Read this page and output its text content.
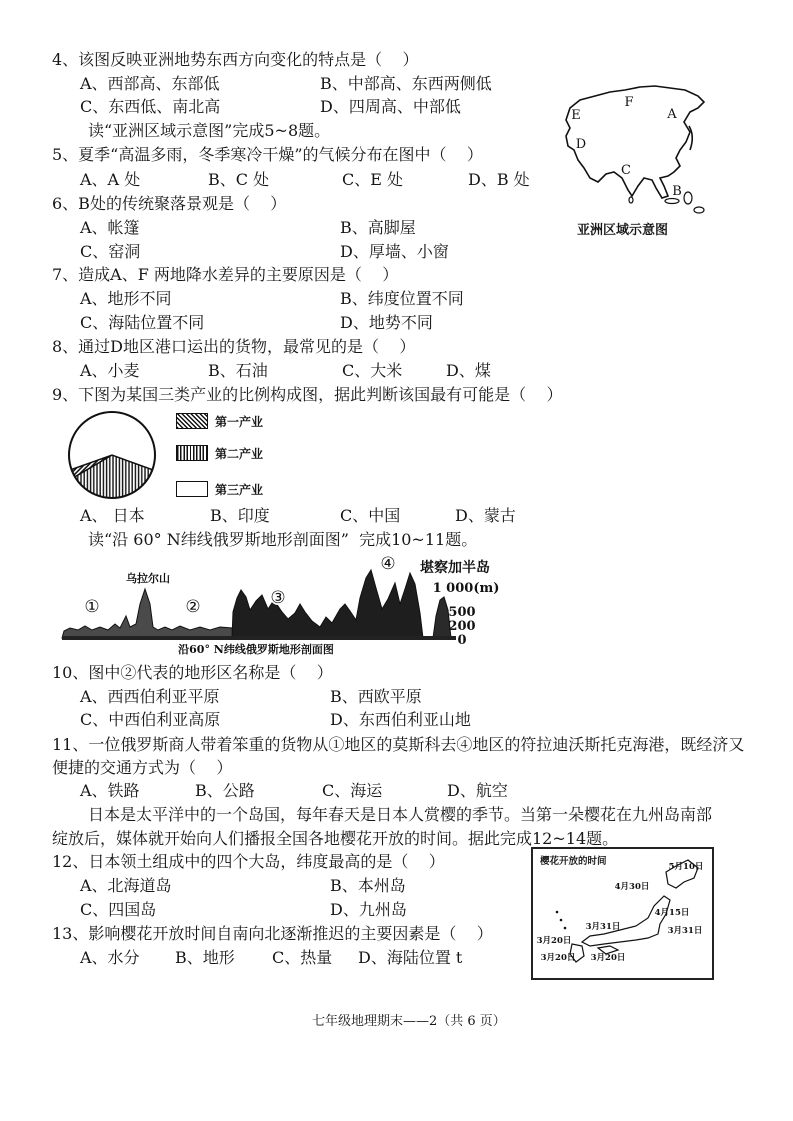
4、该图反映亚洲地势东西方向变化的特点是（    ）
A、西部高、东部低	B、中部高、东西两侧低
C、东西低、南北高	D、四周高、中部低
读“亚洲区域示意图”完成5~8题。
5、夏季“高温多雨，冬季寒冷干燥”的气候分布在图中（    ）
A、A 处	B、C 处	C、E 处	D、B 处
6、B处的传统聚落景观是（    ）
A、帐篷	B、高脚屋
C、窑洞	D、厚墙、小窗
7、造成A、F 两地降水差异的主要原因是（    ）
A、地形不同	B、纬度位置不同
C、海陆位置不同	D、地势不同
8、通过D地区港口运出的货物，最常见的是（    ）
A、小麦	B、石油	C、大米	D、煤
9、下图为某国三类产业的比例构成图，据此判断该国最有可能是（    ）
第一产业
第二产业
第三产业
A、 日本	B、印度	C、中国	D、蒙古
读“沿 60° N纬线俄罗斯地形剖面图”  完成10~11题。
乌拉尔山
①	②	③
④ 堪察加半岛
1 000(m)
500
200
0
沿60° N纬线俄罗斯地形剖面图
10、图中②代表的地形区名称是（    ）
A、西西伯利亚平原	B、西欧平原
C、中西伯利亚高原	D、东西伯利亚山地
11、一位俄罗斯商人带着笨重的货物从①地区的莫斯科去④地区的符拉迪沃斯托克海港，既经济又
便捷的交通方式为（    ）
A、铁路	B、公路	C、海运	D、航空
日本是太平洋中的一个岛国，每年春天是日本人赏樱的季节。当第一朵樱花在九州岛南部
绽放后，媒体就开始向人们播报全国各地樱花开放的时间。据此完成12~14题。
12、日本领土组成中的四个大岛，纬度最高的是（    ）
A、北海道岛	B、本州岛
C、四国岛	D、九州岛
13、影响樱花开放时间自南向北逐渐推迟的主要因素是（    ）
A、水分 B、地形 C、热量 D、海陆位置 t
E
F
A
D
C
B
亚洲区域示意图
樱花开放的时间	5月10日
4月30日
4月15日
3月31日	3月31日
3月20日
3月20日 3月20日
七年级地理期末——2（共 6 页）
